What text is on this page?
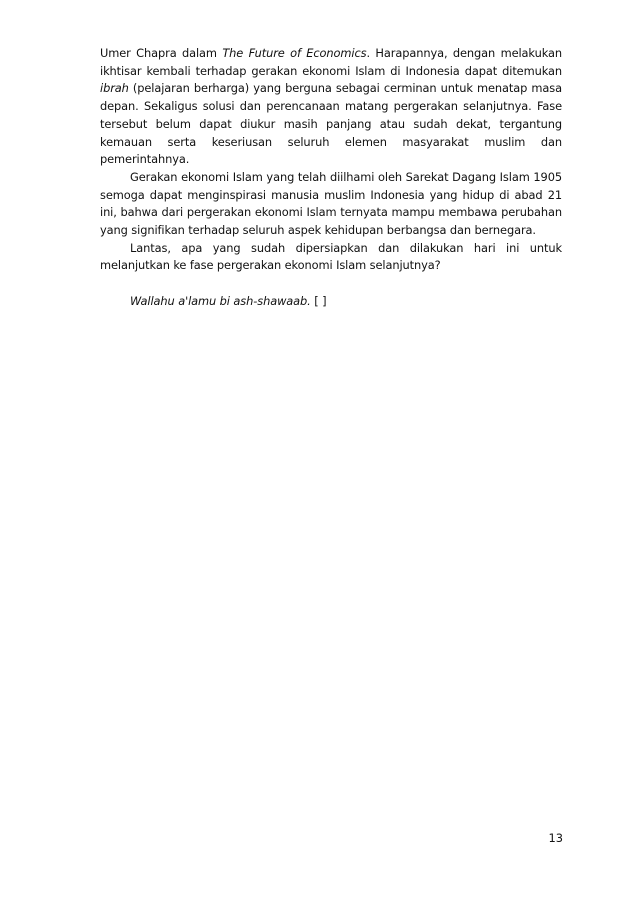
Umer Chapra dalam The Future of Economics. Harapannya, dengan melakukan ikhtisar kembali terhadap gerakan ekonomi Islam di Indonesia dapat ditemukan ibrah (pelajaran berharga) yang berguna sebagai cerminan untuk menatap masa depan. Sekaligus solusi dan perencanaan matang pergerakan selanjutnya. Fase tersebut belum dapat diukur masih panjang atau sudah dekat, tergantung kemauan serta keseriusan seluruh elemen masyarakat muslim dan pemerintahnya.

Gerakan ekonomi Islam yang telah diilhami oleh Sarekat Dagang Islam 1905 semoga dapat menginspirasi manusia muslim Indonesia yang hidup di abad 21 ini, bahwa dari pergerakan ekonomi Islam ternyata mampu membawa perubahan yang signifikan terhadap seluruh aspek kehidupan berbangsa dan bernegara.

Lantas, apa yang sudah dipersiapkan dan dilakukan hari ini untuk melanjutkan ke fase pergerakan ekonomi Islam selanjutnya?

Wallahu a'lamu bi ash-shawaab. [ ]

13
